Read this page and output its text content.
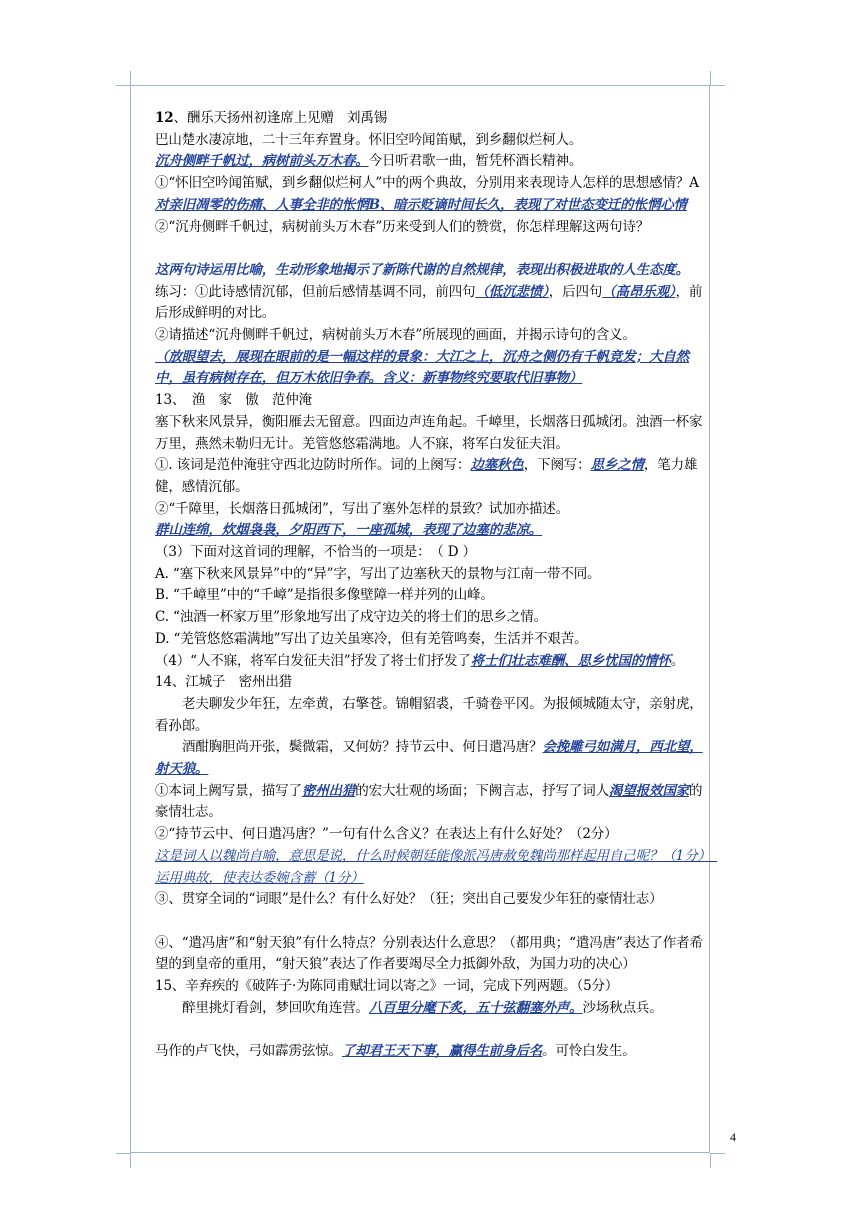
12、酬乐天扬州初逢席上见赠　刘禹锡

巴山楚水凄凉地，二十三年弃置身。怀旧空吟闻笛赋，到乡翻似烂柯人。

沉舟侧畔千帆过，病树前头万木春。今日听君歌一曲，暂凭杯酒长精神。

①“怀旧空吟闻笛赋，到乡翻似烂柯人”中的两个典故，分别用来表现诗人怎样的思想感情？A对亲旧凋零的伤痛、人事全非的怅惘B、暗示贬谪时间长久，表现了对世态变迁的怅惘心情

②“沉舟侧畔千帆过，病树前头万木春”历来受到人们的赞赏，你怎样理解这两句诗？

这两句诗运用比喻，生动形象地揭示了新陈代谢的自然规律，表现出积极进取的人生态度。

练习：①此诗感情沉郁，但前后感情基调不同，前四句（低沉悲愤），后四句（高昂乐观），前后形成鲜明的对比。

②请描述“沉舟侧畔千帆过，病树前头万木春”所展现的画面，并揭示诗句的含义。

（放眼望去，展现在眼前的是一幅这样的景象：大江之上，沉舟之侧仍有千帆竞发；大自然中，虽有病树存在，但万木依旧争春。含义：新事物终究要取代旧事物）

13、　渔　家　傲　范仲淹

塞下秋来风景异，衡阳雁去无留意。四面边声连角起。千嶂里，长烟落日孤城闭。浊酒一杯家万里，燕然未勒归无计。羌管悠悠霜满地。人不寐，将军白发征夫泪。

①. 该词是范仲淹驻守西北边防时所作。词的上阕写：边塞秋色，下阕写：思乡之情，笔力雄健，感情沉郁。

②“千障里，长烟落日孤城闭”，写出了塞外怎样的景致？试加亦描述。

群山连绵，炊烟袅袅，夕阳西下，一座孤城，表现了边塞的悲凉。

（3）下面对这首词的理解，不恰当的一项是：　（ D ）

A. “塞下秋来风景异”中的“异”字，写出了边塞秋天的景物与江南一带不同。

B. “千嶂里”中的“千嶂”是指很多像壁障一样并列的山峰。

C. “浊酒一杯家万里”形象地写出了戍守边关的将士们的思乡之情。

D. “羌管悠悠霜满地”写出了边关虽寒冷，但有羌管鸣奏，生活并不艰苦。

（4）“人不寐，将军白发征夫泪”抒发了将士们抒发了将士们壮志难酬、思乡忧国的情怀。

14、江城子　密州出猎

老夫聊发少年狂，左牵黄，右擎苍。锦帽貂裘，千骑卷平冈。为报倾城随太守，亲射虎，看孙郎。

酒酣胸胆尚开张，鬓微霜，又何妨？持节云中、何日遣冯唐？会挽雕弓如满月，西北望，射天狼。

①本词上阙写景，描写了密州出猎的宏大壮观的场面；下阙言志，抒写了词人渴望报效国家的豪情壮志。

②“持节云中、何日遣冯唐？”一句有什么含义？在表达上有什么好处？（2分）

这是词人以魏尚自喻，意思是说，什么时候朝廷能像派冯唐赦免魏尚那样起用自己呢？（1分）　运用典故，使表达委婉含蓄（1分）

③、贯穿全词的“词眼”是什么？有什么好处？（狂；突出自己要发少年狂的豪情壮志）

④、“遣冯唐”和“射天狼”有什么特点？分别表达什么意思？（都用典；“遣冯唐”表达了作者希望的到皇帝的重用，“射天狼”表达了作者要竭尽全力抵御外敌，为国力功的决心）

15、辛弃疾的《破阵子·为陈同甫赋壮词以寄之》一词，完成下列两题。（5分）

醉里挑灯看剑，梦回吹角连营。八百里分麾下炙，五十弦翻塞外声。沙场秋点兵。

马作的卢飞快，弓如霹雳弦惊。了却君王天下事，赢得生前身后名。可怜白发生。

4
